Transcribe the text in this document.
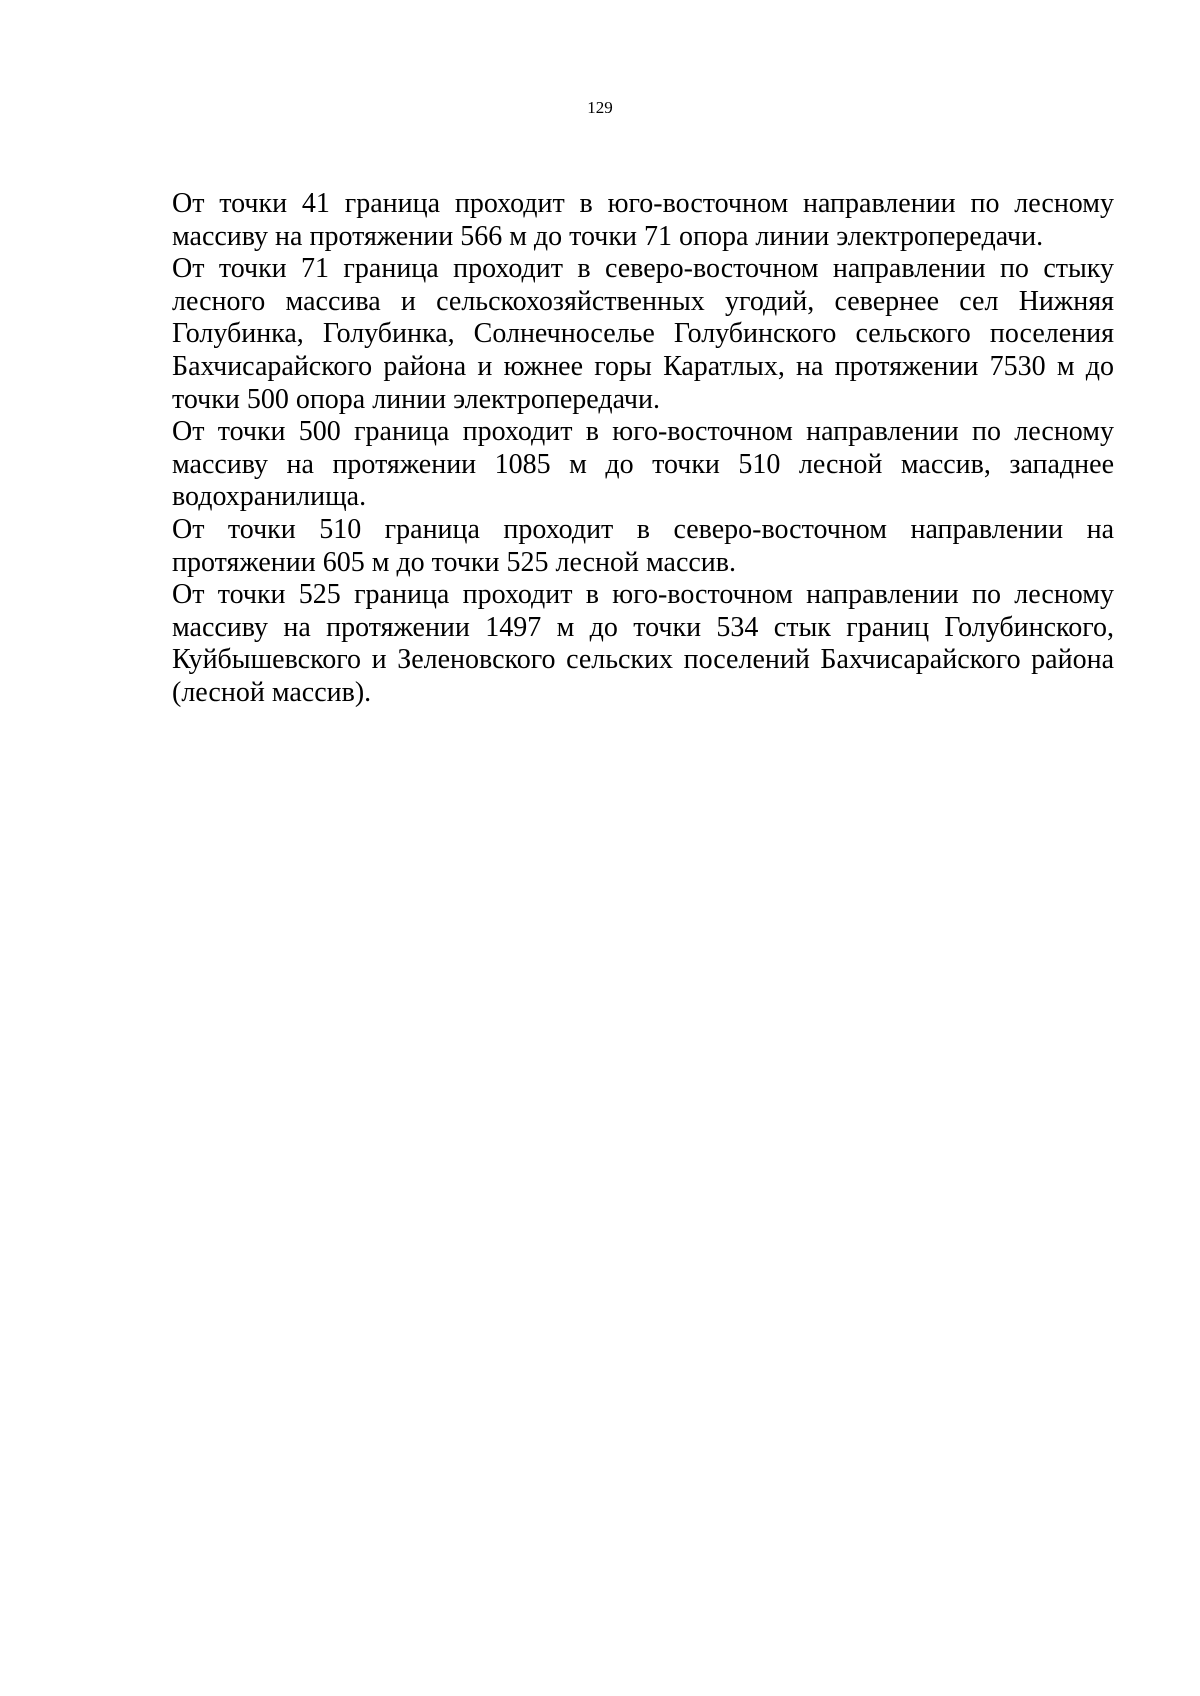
129

От точки 41 граница проходит в юго-восточном направлении по лесному массиву на протяжении 566 м до точки 71 опора линии электропередачи.

От точки 71 граница проходит в северо-восточном направлении по стыку лесного массива и сельскохозяйственных угодий, севернее сел Нижняя Голубинка, Голубинка, Солнечноселье Голубинского сельского поселения Бахчисарайского района и южнее горы Каратлых, на протяжении 7530 м до точки 500 опора линии электропередачи.

От точки 500 граница проходит в юго-восточном направлении по лесному массиву на протяжении 1085 м до точки 510 лесной массив, западнее водохранилища.

От точки 510 граница проходит в северо-восточном направлении на протяжении 605 м до точки 525 лесной массив.

От точки 525 граница проходит в юго-восточном направлении по лесному массиву на протяжении 1497 м до точки 534 стык границ Голубинского, Куйбышевского и Зеленовского сельских поселений Бахчисарайского района (лесной массив).
